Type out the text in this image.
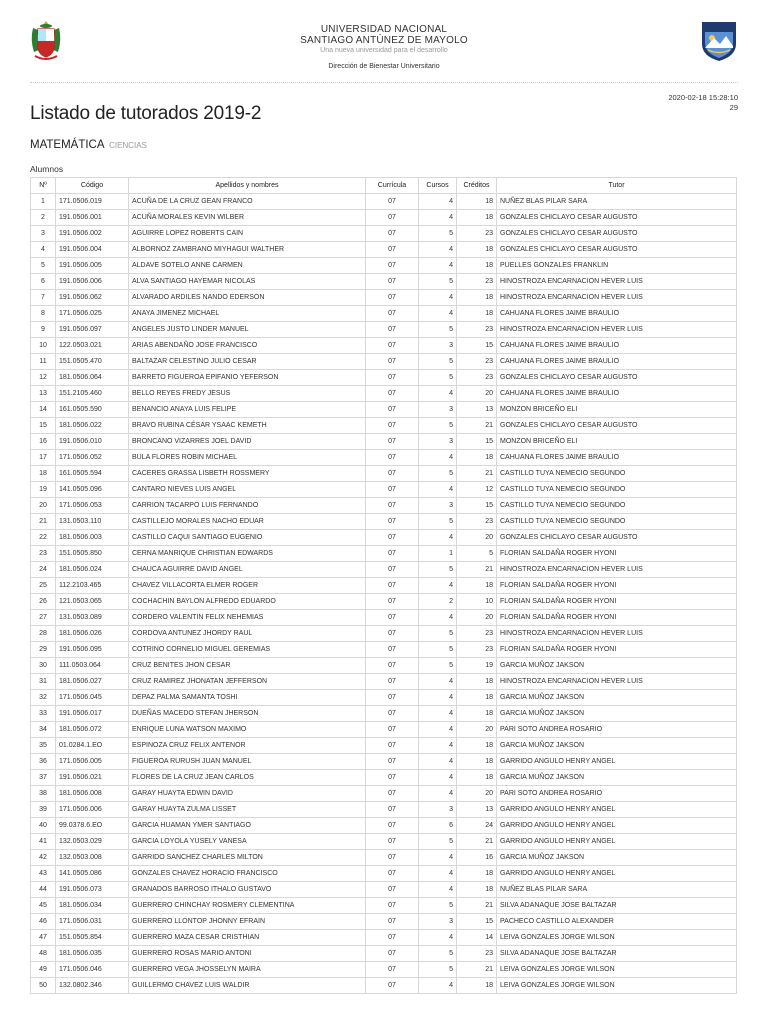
UNIVERSIDAD NACIONAL
SANTIAGO ANTÚNEZ DE MAYOLO
Una nueva universidad para el desarrollo
Dirección de Bienestar Universitario
2020-02-18 15:28:10
29
Listado de tutorados 2019-2
MATEMÁTICA CIENCIAS
Alumnos
Nº	Código	Apellidos y nombres	Currícula	Cursos	Créditos	Tutor
1	171.0506.019	ACUÑA DE LA CRUZ GEAN FRANCO	07	4	18	NUÑEZ BLAS PILAR SARA
2	191.0506.001	ACUÑA MORALES KEVIN WILBER	07	4	18	GONZALES CHICLAYO CESAR AUGUSTO
3	191.0506.002	AGUIRRE LOPEZ ROBERTS CAIN	07	5	23	GONZALES CHICLAYO CESAR AUGUSTO
4	191.0506.004	ALBORNOZ ZAMBRANO MIYHAGUI WALTHER	07	4	18	GONZALES CHICLAYO CESAR AUGUSTO
5	191.0506.005	ALDAVE SOTELO ANNE CARMEN	07	4	18	PUELLES GONZALES FRANKLIN
6	191.0506.006	ALVA SANTIAGO HAYEMAR NICOLAS	07	5	23	HINOSTROZA ENCARNACION HEVER LUIS
7	191.0506.062	ALVARADO ARDILES NANDO EDERSON	07	4	18	HINOSTROZA ENCARNACION HEVER LUIS
8	171.0506.025	ANAYA JIMENEZ MICHAEL	07	4	18	CAHUANA FLORES JAIME BRAULIO
9	191.0506.097	ANGELES JUSTO LINDER MANUEL	07	5	23	HINOSTROZA ENCARNACION HEVER LUIS
10	122.0503.021	ARIAS ABENDAÑO JOSE FRANCISCO	07	3	15	CAHUANA FLORES JAIME BRAULIO
11	151.0505.470	BALTAZAR CELESTINO JULIO CESAR	07	5	23	CAHUANA FLORES JAIME BRAULIO
12	181.0506.064	BARRETO FIGUEROA EPIFANIO YEFERSON	07	5	23	GONZALES CHICLAYO CESAR AUGUSTO
13	151.2105.460	BELLO REYES FREDY JESUS	07	4	20	CAHUANA FLORES JAIME BRAULIO
14	161.0505.590	BENANCIO ANAYA LUIS FELIPE	07	3	13	MONZON BRICEÑO ELI
15	181.0506.022	BRAVO RUBINA CÉSAR YSAAC KEMETH	07	5	21	GONZALES CHICLAYO CESAR AUGUSTO
16	191.0506.010	BRONCANO VIZARRES JOEL DAVID	07	3	15	MONZON BRICEÑO ELI
17	171.0506.052	BULA FLORES ROBIN MICHAEL	07	4	18	CAHUANA FLORES JAIME BRAULIO
18	161.0505.594	CACERES GRASSA LISBETH ROSSMERY	07	5	21	CASTILLO TUYA NEMECIO SEGUNDO
19	141.0505.096	CANTARO NIEVES LUIS ANGEL	07	4	12	CASTILLO TUYA NEMECIO SEGUNDO
20	171.0506.053	CARRION TACARPO LUIS FERNANDO	07	3	15	CASTILLO TUYA NEMECIO SEGUNDO
21	131.0503.110	CASTILLEJO MORALES NACHO EDUAR	07	5	23	CASTILLO TUYA NEMECIO SEGUNDO
22	181.0506.003	CASTILLO CAQUI SANTIAGO EUGENIO	07	4	20	GONZALES CHICLAYO CESAR AUGUSTO
23	151.0505.850	CERNA MANRIQUE CHRISTIAN EDWARDS	07	1	5	FLORIAN SALDAÑA ROGER HYONI
24	181.0506.024	CHAUCA AGUIRRE DAVID ANGEL	07	5	21	HINOSTROZA ENCARNACION HEVER LUIS
25	112.2103.465	CHAVEZ VILLACORTA ELMER ROGER	07	4	18	FLORIAN SALDAÑA ROGER HYONI
26	121.0503.065	COCHACHIN BAYLON ALFREDO EDUARDO	07	2	10	FLORIAN SALDAÑA ROGER HYONI
27	131.0503.089	CORDERO VALENTIN FELIX NEHEMIAS	07	4	20	FLORIAN SALDAÑA ROGER HYONI
28	181.0506.026	CORDOVA ANTUNEZ JHORDY RAUL	07	5	23	HINOSTROZA ENCARNACION HEVER LUIS
29	191.0506.095	COTRINO CORNELIO MIGUEL GEREMIAS	07	5	23	FLORIAN SALDAÑA ROGER HYONI
30	111.0503.064	CRUZ BENITES JHON CESAR	07	5	19	GARCIA MUÑOZ JAKSON
31	181.0506.027	CRUZ RAMIREZ JHONATAN JEFFERSON	07	4	18	HINOSTROZA ENCARNACION HEVER LUIS
32	171.0506.045	DEPAZ PALMA SAMANTA TOSHI	07	4	18	GARCIA MUÑOZ JAKSON
33	191.0506.017	DUEÑAS MACEDO STEFAN JHERSON	07	4	18	GARCIA MUÑOZ JAKSON
34	181.0506.072	ENRIQUE LUNA WATSON MAXIMO	07	4	20	PARI SOTO ANDREA ROSARIO
35	01.0284.1.EO	ESPINOZA CRUZ FELIX ANTENOR	07	4	18	GARCIA MUÑOZ JAKSON
36	171.0506.005	FIGUEROA RURUSH JUAN MANUEL	07	4	18	GARRIDO ANGULO HENRY ANGEL
37	191.0506.021	FLORES DE LA CRUZ JEAN CARLOS	07	4	18	GARCIA MUÑOZ JAKSON
38	181.0506.008	GARAY HUAYTA EDWIN DAVID	07	4	20	PARI SOTO ANDREA ROSARIO
39	171.0506.006	GARAY HUAYTA ZULMA LISSET	07	3	13	GARRIDO ANGULO HENRY ANGEL
40	99.0378.6.EO	GARCIA HUAMAN YMER SANTIAGO	07	6	24	GARRIDO ANGULO HENRY ANGEL
41	132.0503.029	GARCIA LOYOLA YUSELY VANESA	07	5	21	GARRIDO ANGULO HENRY ANGEL
42	132.0503.008	GARRIDO SANCHEZ CHARLES MILTON	07	4	16	GARCIA MUÑOZ JAKSON
43	141.0505.086	GONZALES CHAVEZ HORACIO FRANCISCO	07	4	18	GARRIDO ANGULO HENRY ANGEL
44	191.0506.073	GRANADOS BARROSO ITHALO GUSTAVO	07	4	18	NUÑEZ BLAS PILAR SARA
45	181.0506.034	GUERRERO CHINCHAY ROSMERY CLEMENTINA	07	5	21	SILVA ADANAQUE JOSE BALTAZAR
46	171.0506.031	GUERRERO LLONTOP JHONNY EFRAIN	07	3	15	PACHECO CASTILLO ALEXANDER
47	151.0505.854	GUERRERO MAZA CESAR CRISTHIAN	07	4	14	LEIVA GONZALES JORGE WILSON
48	181.0506.035	GUERRERO ROSAS MARIO ANTONI	07	5	23	SILVA ADANAQUE JOSE BALTAZAR
49	171.0506.046	GUERRERO VEGA JHOSSELYN MAIRA	07	5	21	LEIVA GONZALES JORGE WILSON
50	132.0802.346	GUILLERMO CHAVEZ LUIS WALDIR	07	4	18	LEIVA GONZALES JORGE WILSON
